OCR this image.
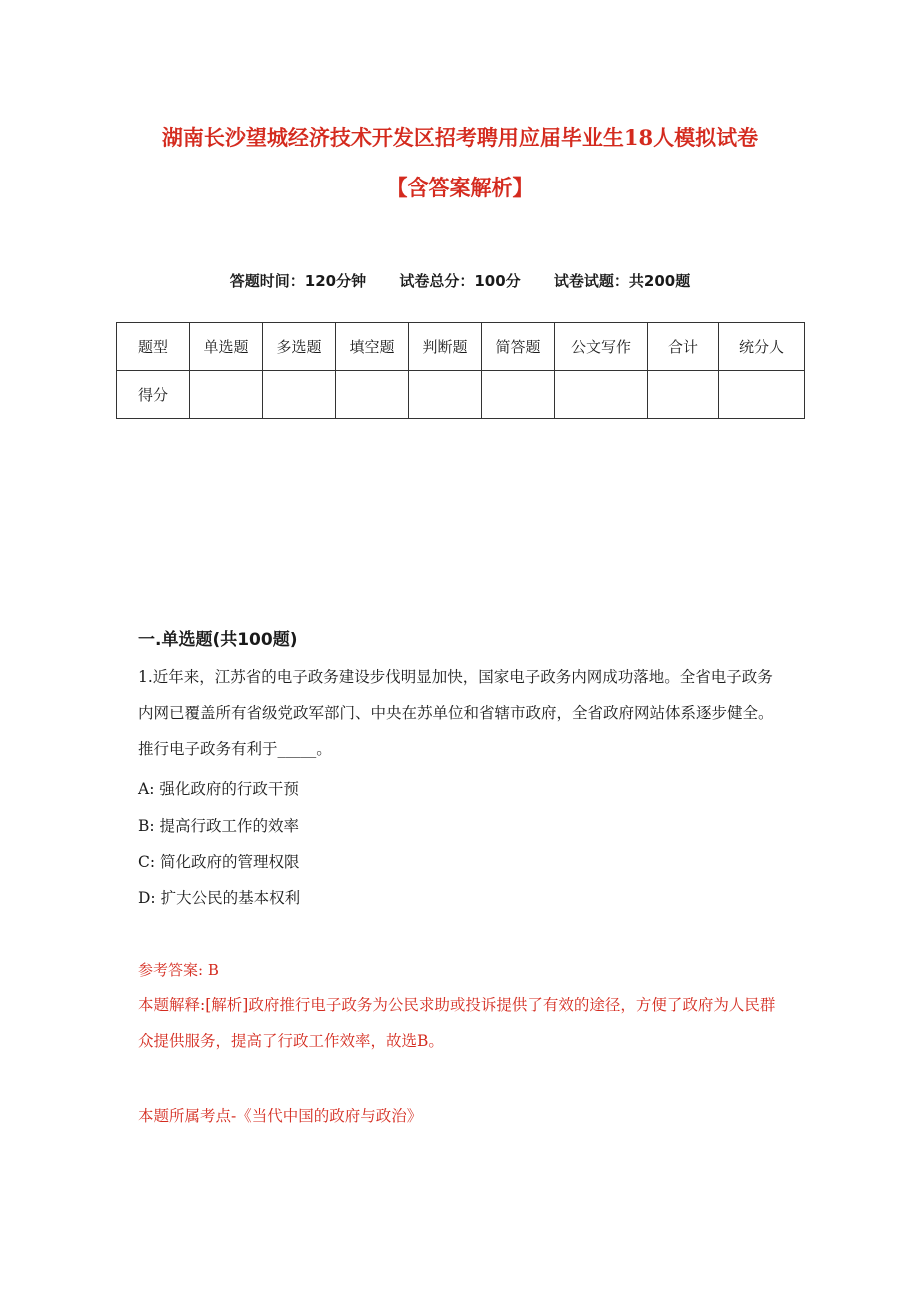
湖南长沙望城经济技术开发区招考聘用应届毕业生18人模拟试卷
【含答案解析】
答题时间：120分钟 试卷总分：100分 试卷试题：共200题
题型	单选题	多选题	填空题	判断题	简答题	公文写作	合计	统分人
得分								
一.单选题(共100题)
1.近年来，江苏省的电子政务建设步伐明显加快，国家电子政务内网成功落地。全省电子政务内网已覆盖所有省级党政军部门、中央在苏单位和省辖市政府，全省政府网站体系逐步健全。推行电子政务有利于_____。
A: 强化政府的行政干预
B: 提高行政工作的效率
C: 简化政府的管理权限
D: 扩大公民的基本权利
参考答案: B
本题解释:[解析]政府推行电子政务为公民求助或投诉提供了有效的途径，方便了政府为人民群众提供服务，提高了行政工作效率，故选B。
本题所属考点-《当代中国的政府与政治》
